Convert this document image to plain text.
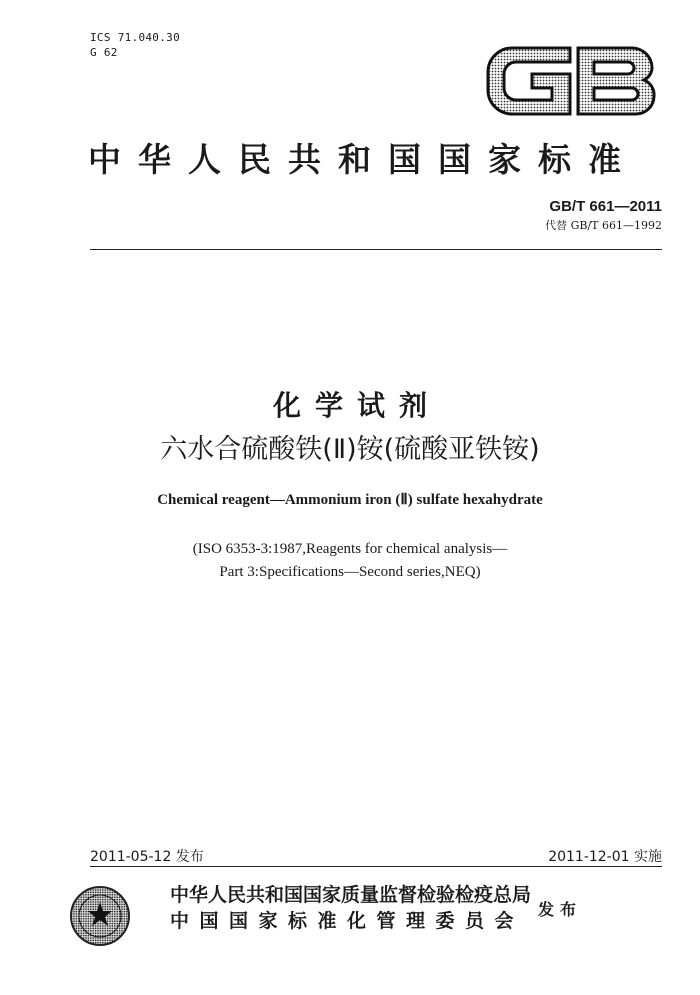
ICS 71.040.30
G 62
中华人民共和国国家标准
GB/T 661—2011
代替 GB/T 661—1992
化学试剂
六水合硫酸铁(Ⅱ)铵(硫酸亚铁铵)
Chemical reagent—Ammonium iron (Ⅱ) sulfate hexahydrate
(ISO 6353-3:1987,Reagents for chemical analysis—
Part 3:Specifications—Second series,NEQ)
2011-05-12 发布	2011-12-01 实施
中华人民共和国国家质量监督检验检疫总局
中国国家标准化管理委员会
发布
